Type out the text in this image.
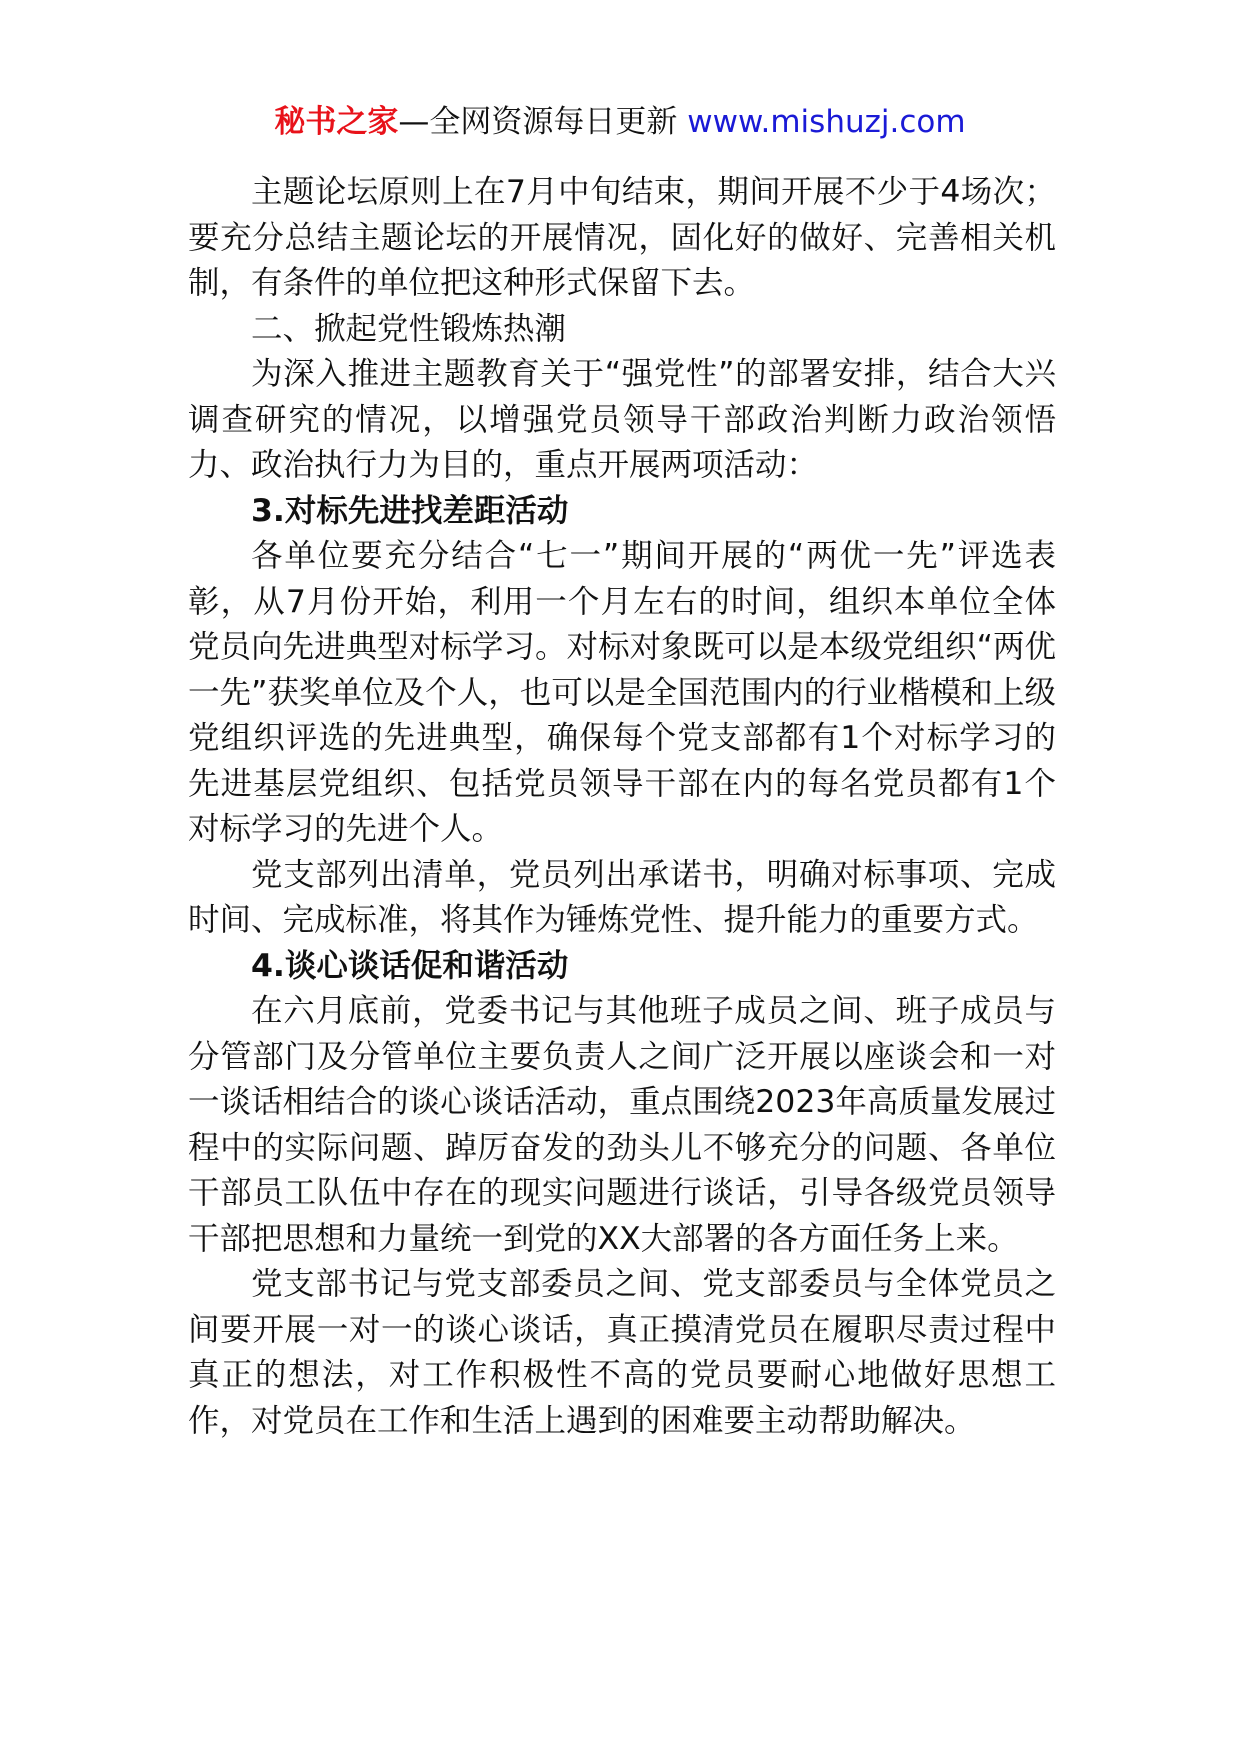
秘书之家—全网资源每日更新 www.mishuzj.com

主题论坛原则上在7月中旬结束，期间开展不少于4场次；要充分总结主题论坛的开展情况，固化好的做好、完善相关机制，有条件的单位把这种形式保留下去。

二、掀起党性锻炼热潮

为深入推进主题教育关于“强党性”的部署安排，结合大兴调查研究的情况，以增强党员领导干部政治判断力政治领悟力、政治执行力为目的，重点开展两项活动：

3.对标先进找差距活动

各单位要充分结合“七一”期间开展的“两优一先”评选表彰，从7月份开始，利用一个月左右的时间，组织本单位全体党员向先进典型对标学习。对标对象既可以是本级党组织“两优一先”获奖单位及个人，也可以是全国范围内的行业楷模和上级党组织评选的先进典型，确保每个党支部都有1个对标学习的先进基层党组织、包括党员领导干部在内的每名党员都有1个对标学习的先进个人。

党支部列出清单，党员列出承诺书，明确对标事项、完成时间、完成标准，将其作为锤炼党性、提升能力的重要方式。

4.谈心谈话促和谐活动

在六月底前，党委书记与其他班子成员之间、班子成员与分管部门及分管单位主要负责人之间广泛开展以座谈会和一对一谈话相结合的谈心谈话活动，重点围绕2023年高质量发展过程中的实际问题、踔厉奋发的劲头儿不够充分的问题、各单位干部员工队伍中存在的现实问题进行谈话，引导各级党员领导干部把思想和力量统一到党的XX大部署的各方面任务上来。

党支部书记与党支部委员之间、党支部委员与全体党员之间要开展一对一的谈心谈话，真正摸清党员在履职尽责过程中真正的想法，对工作积极性不高的党员要耐心地做好思想工作，对党员在工作和生活上遇到的困难要主动帮助解决。
